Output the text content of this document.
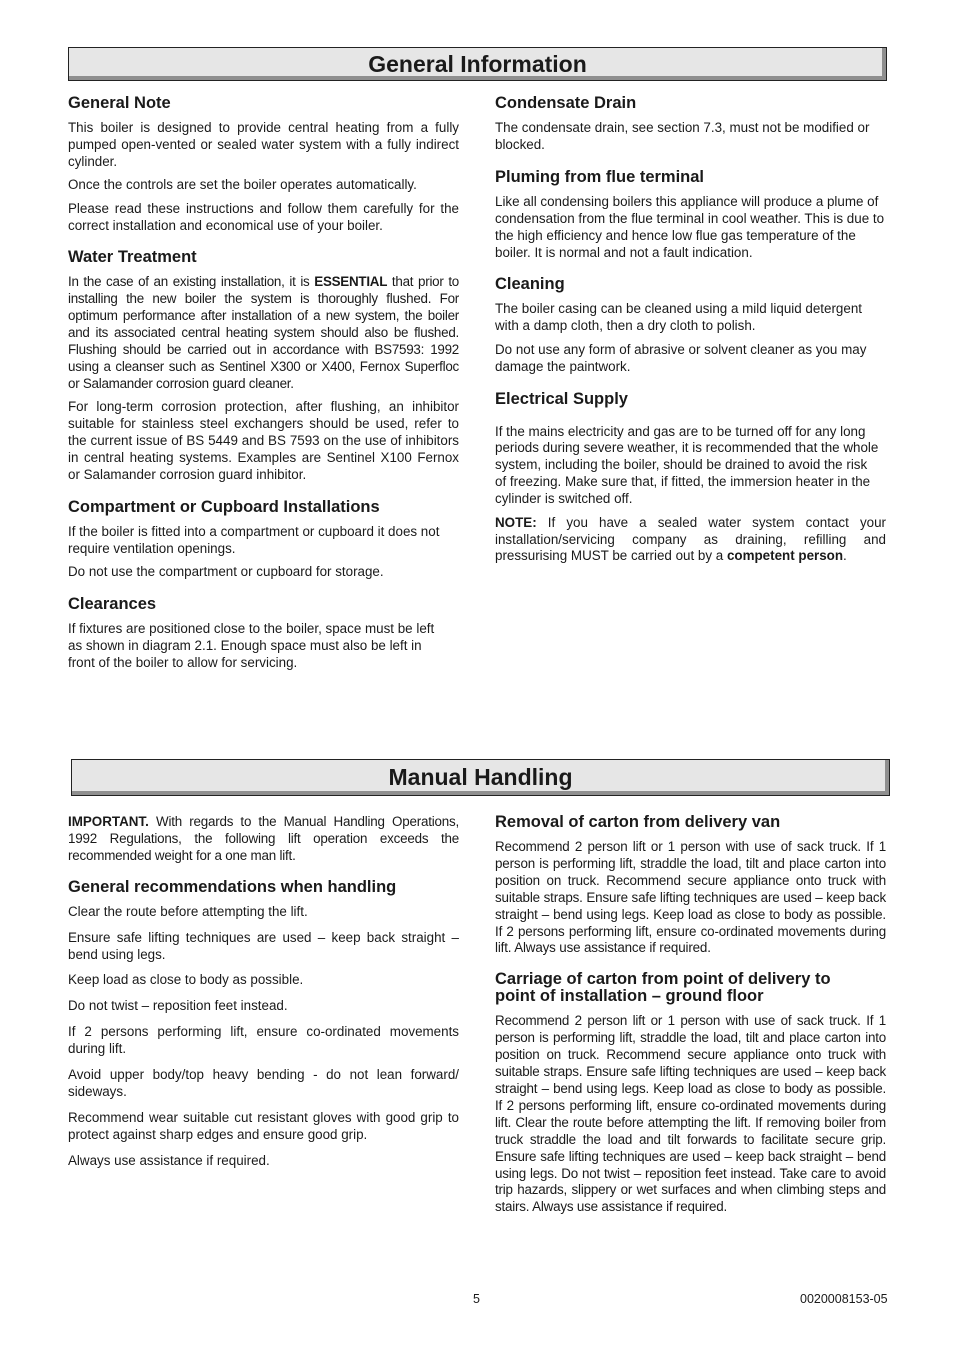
General Information
General Note

This boiler is designed to provide central heating from a fully pumped open-vented or sealed water system with a fully indirect cylinder.

Once the controls are set the boiler operates automatically.

Please read these instructions and follow them carefully for the correct installation and economical use of your boiler.

Water Treatment

In the case of an existing installation, it is ESSENTIAL that prior to installing the new boiler the system is thoroughly flushed. For optimum performance after installation of a new system, the boiler and its associated central heating system should also be flushed. Flushing should be carried out in accordance with BS7593: 1992 using a cleanser such as Sentinel X300 or X400, Fernox Superfloc or Salamander corrosion guard cleaner.

For long-term corrosion protection, after flushing, an inhibitor suitable for stainless steel exchangers should be used, refer to the current issue of BS 5449 and BS 7593 on the use of inhibitors in central heating systems. Examples are Sentinel X100 Fernox or Salamander corrosion guard inhibitor.

Compartment or Cupboard Installations

If the boiler is fitted into a compartment or cupboard it does not require ventilation openings.

Do not use the compartment or cupboard for storage.

Clearances

If fixtures are positioned close to the boiler, space must be left as shown in diagram 2.1. Enough space must also be left in front of the boiler to allow for servicing.

Condensate Drain

The condensate drain, see section 7.3, must not be modified or blocked.

Pluming from flue terminal

Like all condensing boilers this appliance will produce a plume of condensation from the flue terminal in cool weather. This is due to the high efficiency and hence low flue gas temperature of the boiler. It is normal and not a fault indication.

Cleaning

The boiler casing can be cleaned using a mild liquid detergent with a damp cloth, then a dry cloth to polish.

Do not use any form of abrasive or solvent cleaner as you may damage the paintwork.

Electrical Supply

If the mains electricity and gas are to be turned off for any long periods during severe weather, it is recommended that the whole system, including the boiler, should be drained to avoid the risk of freezing. Make sure that, if fitted, the immersion heater in the cylinder is switched off.

NOTE: If you have a sealed water system contact your installation/servicing company as draining, refilling and pressurising MUST be carried out by a competent person.

Manual Handling

IMPORTANT. With regards to the Manual Handling Operations, 1992 Regulations, the following lift operation exceeds the recommended weight for a one man lift.

General recommendations when handling

Clear the route before attempting the lift.

Ensure safe lifting techniques are used – keep back straight – bend using legs.

Keep load as close to body as possible.

Do not twist – reposition feet instead.

If 2 persons performing lift, ensure co-ordinated movements during lift.

Avoid upper body/top heavy bending - do not lean forward/ sideways.

Recommend wear suitable cut resistant gloves with good grip to protect against sharp edges and ensure good grip.

Always use assistance if required.

Removal of carton from delivery van

Recommend 2 person lift or 1 person with use of sack truck. If 1 person is performing lift, straddle the load, tilt and place carton into position on truck. Recommend secure appliance onto truck with suitable straps. Ensure safe lifting techniques are used – keep back straight – bend using legs. Keep load as close to body as possible. If 2 persons performing lift, ensure co-ordinated movements during lift. Always use assistance if required.

Carriage of carton from point of delivery to point of installation – ground floor

Recommend 2 person lift or 1 person with use of sack truck. If 1 person is performing lift, straddle the load, tilt and place carton into position on truck. Recommend secure appliance onto truck with suitable straps. Ensure safe lifting techniques are used – keep back straight – bend using legs. Keep load as close to body as possible. If 2 persons performing lift, ensure co-ordinated movements during lift. Clear the route before attempting the lift. If removing boiler from truck straddle the load and tilt forwards to facilitate secure grip. Ensure safe lifting techniques are used – keep back straight – bend using legs. Do not twist – reposition feet instead. Take care to avoid trip hazards, slippery or wet surfaces and when climbing steps and stairs. Always use assistance if required.

5	0020008153-05
